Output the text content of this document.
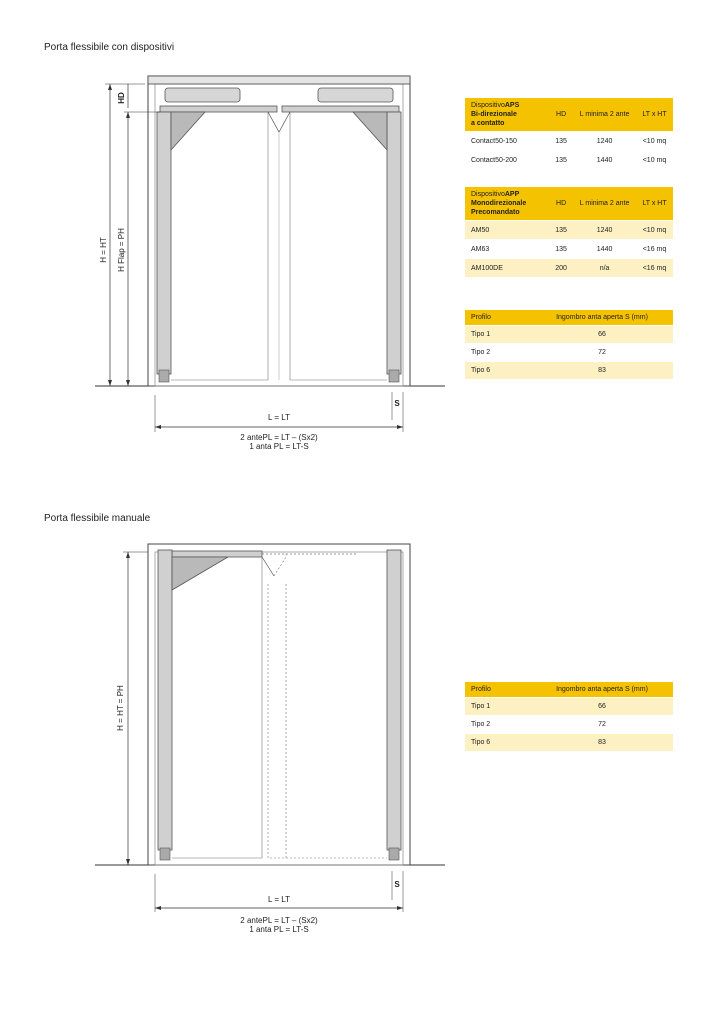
Porta flessibile con dispositivi
Porta flessibile manuale
H = HT H Flap = PH
HD
S
L = LT
2 antePL = LT – (Sx2)
1 anta PL = LT-S
H = HT = PH
S
L = LT
2 antePL = LT – (Sx2)
1 anta PL = LT-S
DispositivoAPS
Bi-direzionale
a contatto	HD	L minima 2 ante	LT x HT
Contact50-150	135	1240	<10 mq
Contact50-200	135	1440	<10 mq
DispositivoAPP
Monodirezionale
Precomandato	HD	L minima 2 ante	LT x HT
AM50	135	1240	<10 mq
AM63	135	1440	<16 mq
AM100DE	200	n/a	<16 mq
Profilo	Ingombro anta aperta S (mm)
Tipo 1	66
Tipo 2	72
Tipo 6	83
Profilo	Ingombro anta aperta S (mm)
Tipo 1	66
Tipo 2	72
Tipo 6	83
